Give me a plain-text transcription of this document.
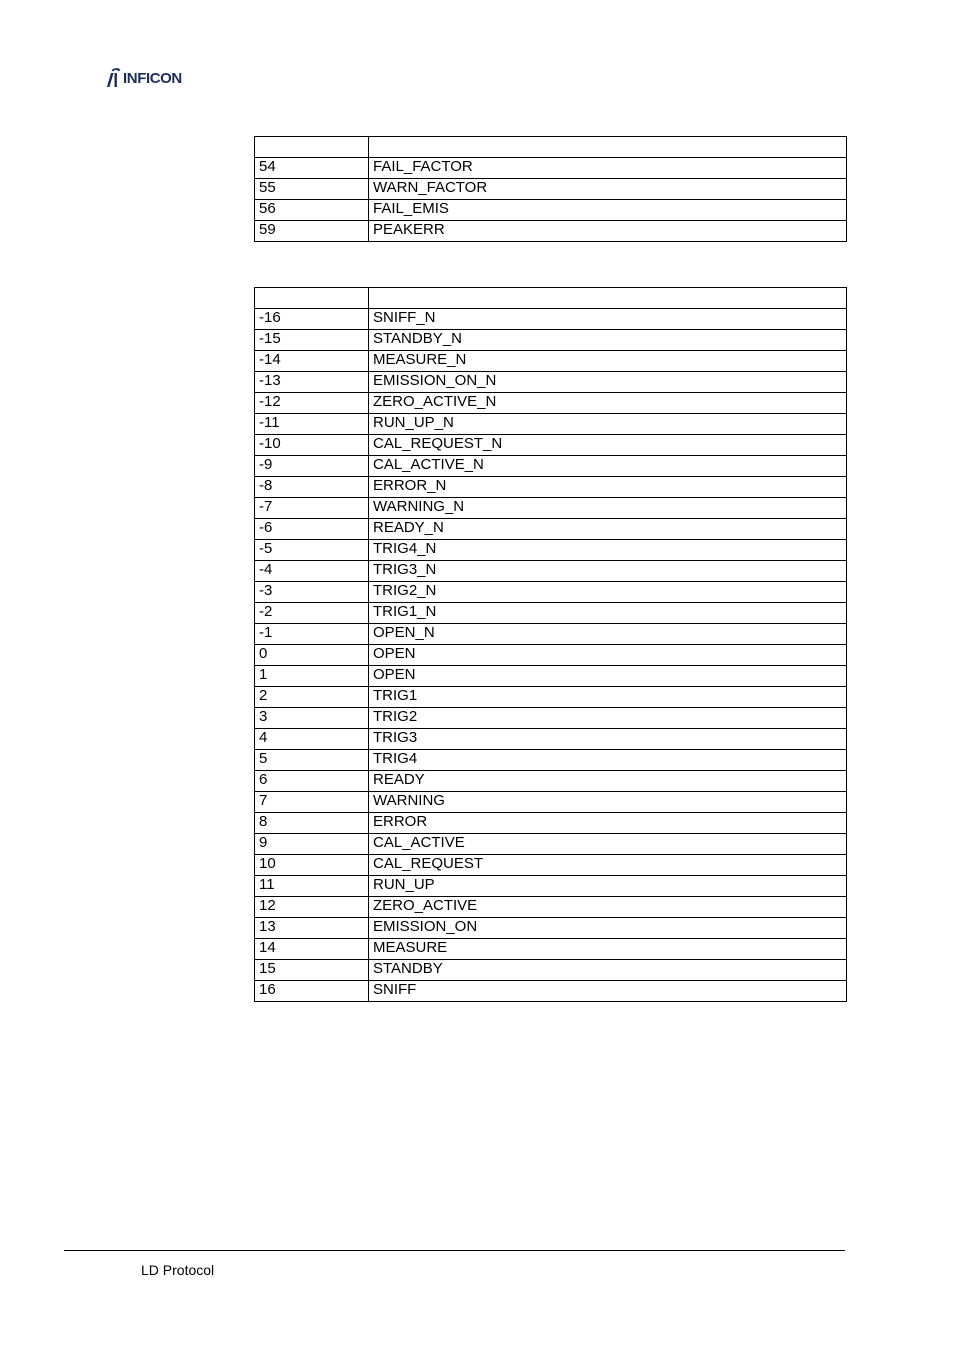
INFICON

54	FAIL_FACTOR
55	WARN_FACTOR
56	FAIL_EMIS
59	PEAKERR

-16	SNIFF_N
-15	STANDBY_N
-14	MEASURE_N
-13	EMISSION_ON_N
-12	ZERO_ACTIVE_N
-11	RUN_UP_N
-10	CAL_REQUEST_N
-9	CAL_ACTIVE_N
-8	ERROR_N
-7	WARNING_N
-6	READY_N
-5	TRIG4_N
-4	TRIG3_N
-3	TRIG2_N
-2	TRIG1_N
-1	OPEN_N
0	OPEN
1	OPEN
2	TRIG1
3	TRIG2
4	TRIG3
5	TRIG4
6	READY
7	WARNING
8	ERROR
9	CAL_ACTIVE
10	CAL_REQUEST
11	RUN_UP
12	ZERO_ACTIVE
13	EMISSION_ON
14	MEASURE
15	STANDBY
16	SNIFF
LD Protocol
